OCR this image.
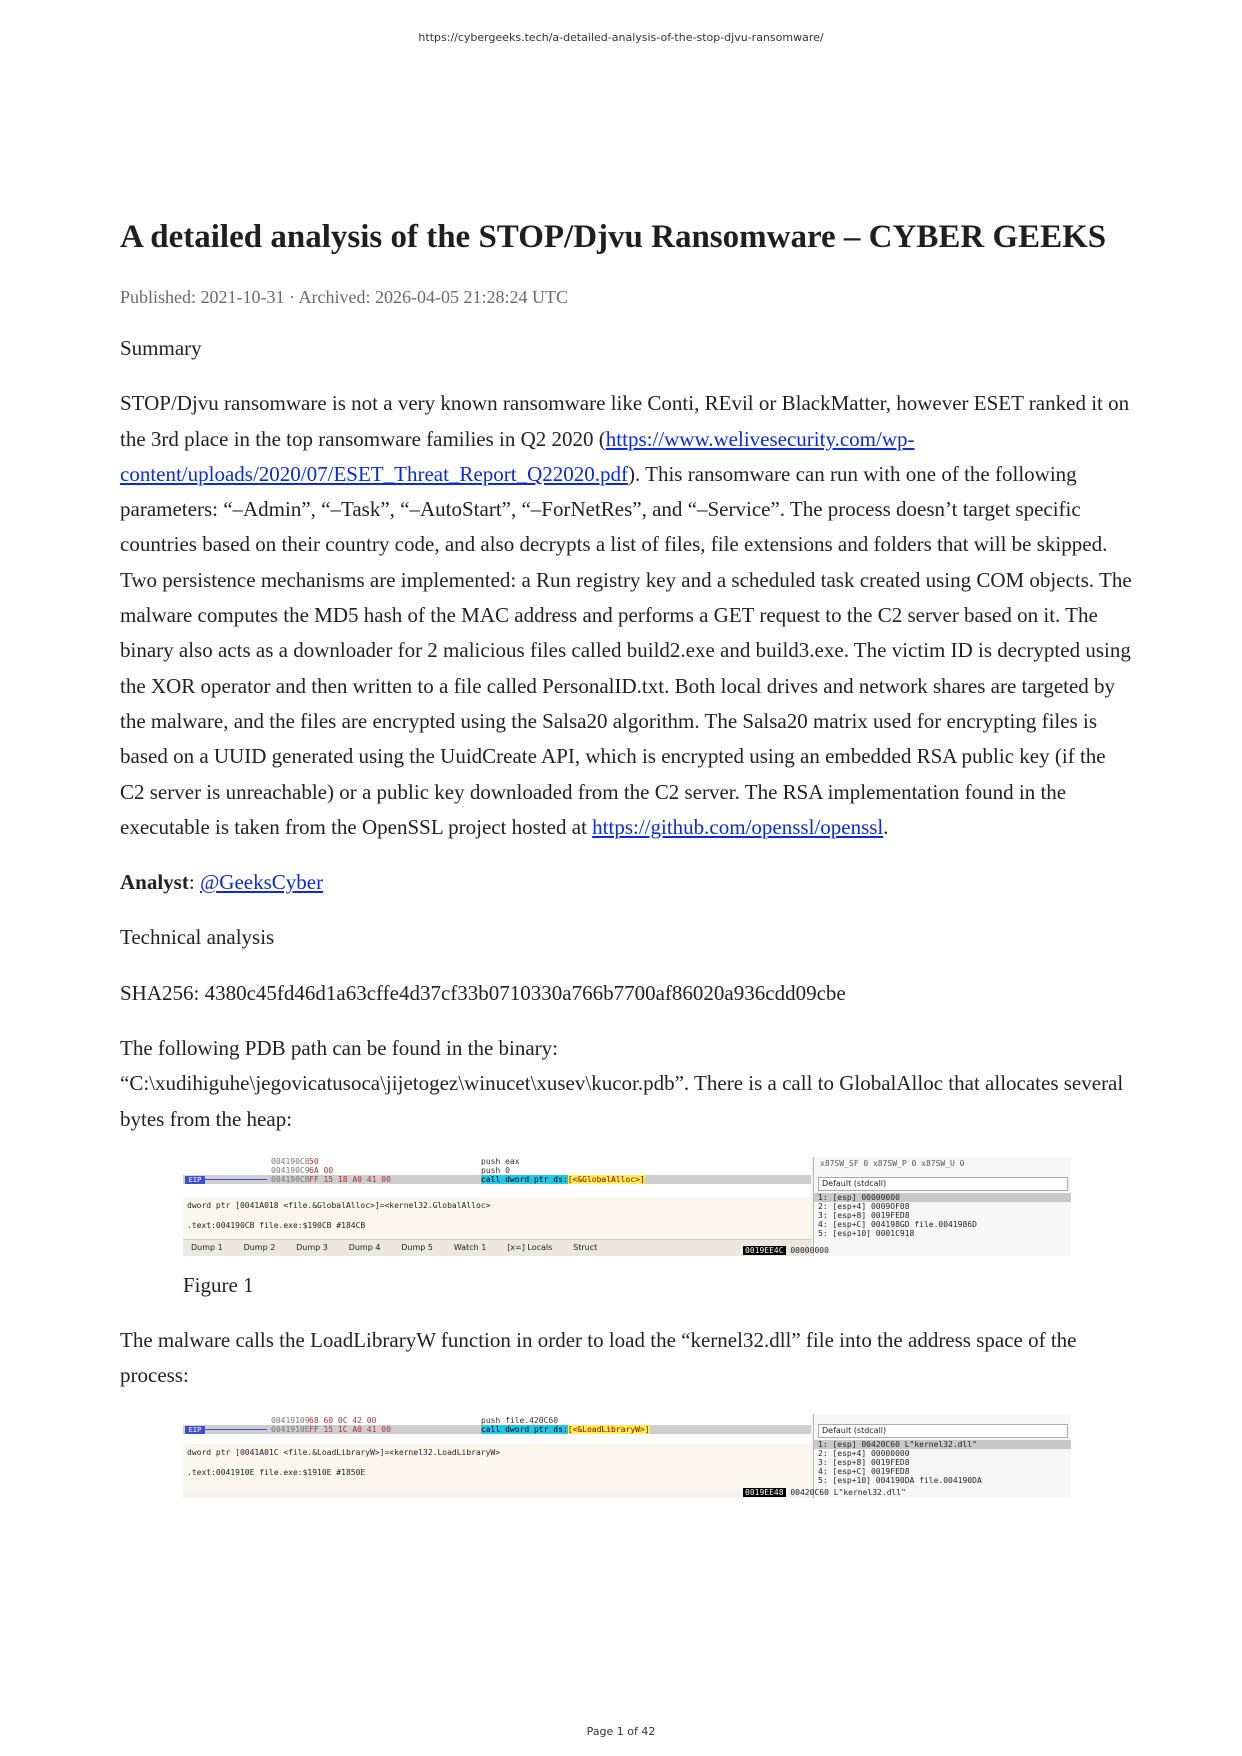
https://cybergeeks.tech/a-detailed-analysis-of-the-stop-djvu-ransomware/
A detailed analysis of the STOP/Djvu Ransomware – CYBER GEEKS
Published: 2021-10-31 · Archived: 2026-04-05 21:28:24 UTC

Summary

STOP/Djvu ransomware is not a very known ransomware like Conti, REvil or BlackMatter, however ESET ranked it on the 3rd place in the top ransomware families in Q2 2020 (https://www.welivesecurity.com/wp-content/uploads/2020/07/ESET_Threat_Report_Q22020.pdf). This ransomware can run with one of the following parameters: “–Admin”, “–Task”, “–AutoStart”, “–ForNetRes”, and “–Service”. The process doesn’t target specific countries based on their country code, and also decrypts a list of files, file extensions and folders that will be skipped. Two persistence mechanisms are implemented: a Run registry key and a scheduled task created using COM objects. The malware computes the MD5 hash of the MAC address and performs a GET request to the C2 server based on it. The binary also acts as a downloader for 2 malicious files called build2.exe and build3.exe. The victim ID is decrypted using the XOR operator and then written to a file called PersonalID.txt. Both local drives and network shares are targeted by the malware, and the files are encrypted using the Salsa20 algorithm. The Salsa20 matrix used for encrypting files is based on a UUID generated using the UuidCreate API, which is encrypted using an embedded RSA public key (if the C2 server is unreachable) or a public key downloaded from the C2 server. The RSA implementation found in the executable is taken from the OpenSSL project hosted at https://github.com/openssl/openssl.

Analyst: @GeeksCyber

Technical analysis

SHA256: 4380c45fd46d1a63cffe4d37cf33b0710330a766b7700af86020a936cdd09cbe

The following PDB path can be found in the binary: “C:\xudihiguhe\jegovicatusoca\jijetogez\winucet\xusev\kucor.pdb”. There is a call to GlobalAlloc that allocates several bytes from the heap:

004190C8 50	push eax
004190C9 6A 00	push 0
EIP	004190CB FF 15 18 A0 41 00	call dword ptr ds:[<&GlobalAlloc>]
dword ptr [0041A018 <file.&GlobalAlloc>]=<kernel32.GlobalAlloc>
.text:004190CB file.exe:$190CB #184CB
Dump 1	Dump 2	Dump 3	Dump 4	Dump 5	Watch 1	[x=] Locals	Struct
x87SW_SF 0 x87SW_P 0 x87SW_U 0
Default (stdcall)
1: [esp] 00000000
2: [esp+4] 0009OF08
3: [esp+8] 0019FED8
4: [esp+C] 004198GD file.0041986D
5: [esp+10] 0001C918
0019EE4C 00000000
Figure 1

The malware calls the LoadLibraryW function in order to load the “kernel32.dll” file into the address space of the process:

00419109 68 60 0C 42 00	push file.420C60
EIP	0041910E FF 15 1C A0 41 00	call dword ptr ds:[<&LoadLibraryW>]
dword ptr [0041A01C <file.&LoadLibraryW>]=<kernel32.LoadLibraryW>
.text:0041910E file.exe:$1910E #1850E
Default (stdcall)
1: [esp] 00420C60 L"kernel32.dll"
2: [esp+4] 00000000
3: [esp+8] 0019FED8
4: [esp+C] 0019FED8
5: [esp+10] 004190DA file.004190DA
0019EE48 00420C60 L"kernel32.dll"
Page 1 of 42
